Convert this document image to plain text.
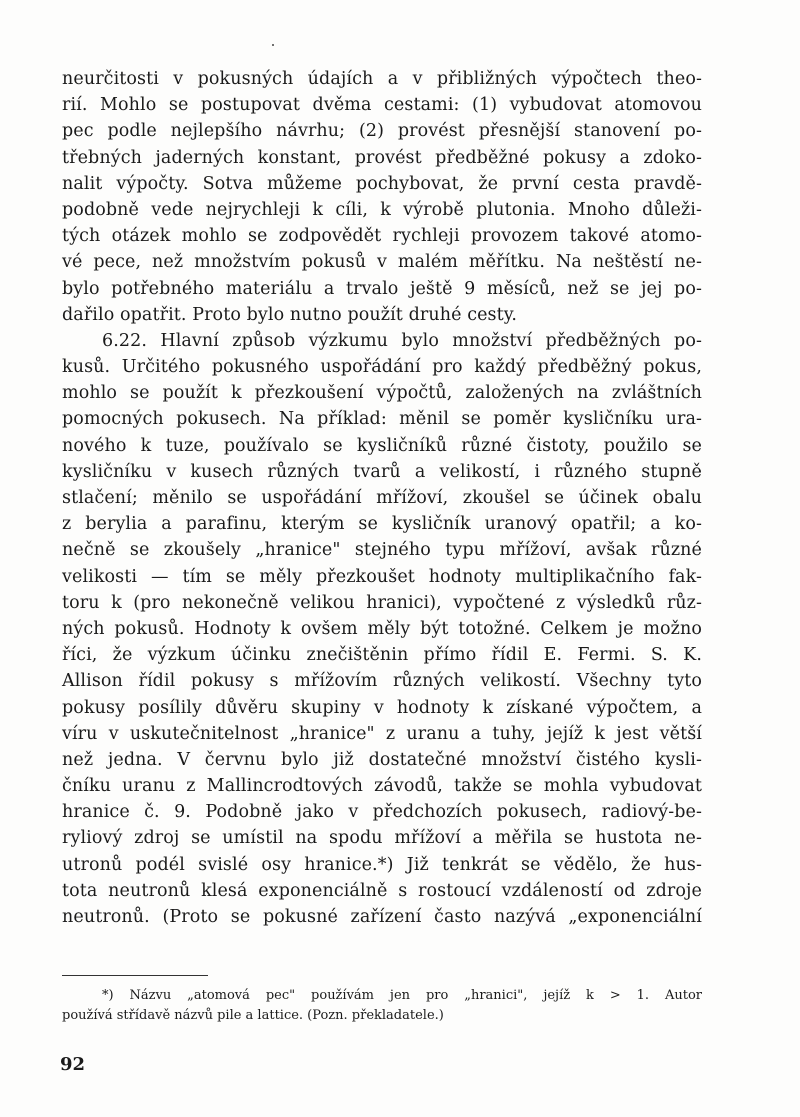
neurčitosti v pokusných údajích a v přibližných výpočtech theo-
rií. Mohlo se postupovat dvěma cestami: (1) vybudovat atomovou
pec podle nejlepšího návrhu; (2) provést přesnější stanovení po-
třebných jaderných konstant, provést předběžné pokusy a zdoko-
nalit výpočty. Sotva můžeme pochybovat, že první cesta pravdě-
podobně vede nejrychleji k cíli, k výrobě plutonia. Mnoho důleži-
tých otázek mohlo se zodpovědět rychleji provozem takové atomo-
vé pece, než množstvím pokusů v malém měřítku. Na neštěstí ne-
bylo potřebného materiálu a trvalo ještě 9 měsíců, než se jej po-
dařilo opatřit. Proto bylo nutno použít druhé cesty.
6.22. Hlavní způsob výzkumu bylo množství předběžných po-
kusů. Určitého pokusného uspořádání pro každý předběžný pokus,
mohlo se použít k přezkoušení výpočtů, založených na zvláštních
pomocných pokusech. Na příklad: měnil se poměr kysličníku ura-
nového k tuze, používalo se kysličníků různé čistoty, použilo se
kysličníku v kusech různých tvarů a velikostí, i různého stupně
stlačení; měnilo se uspořádání mřížoví, zkoušel se účinek obalu
z berylia a parafinu, kterým se kysličník uranový opatřil; a ko-
nečně se zkoušely „hranice" stejného typu mřížoví, avšak různé
velikosti — tím se měly přezkoušet hodnoty multiplikačního fak-
toru k (pro nekonečně velikou hranici), vypočtené z výsledků růz-
ných pokusů. Hodnoty k ovšem měly být totožné. Celkem je možno
říci, že výzkum účinku znečištěnin přímo řídil E. Fermi. S. K.
Allison řídil pokusy s mřížovím různých velikostí. Všechny tyto
pokusy posílily důvěru skupiny v hodnoty k získané výpočtem, a
víru v uskutečnitelnost „hranice" z uranu a tuhy, jejíž k jest větší
než jedna. V červnu bylo již dostatečné množství čistého kysli-
čníku uranu z Mallincrodtových závodů, takže se mohla vybudovat
hranice č. 9. Podobně jako v předchozích pokusech, radiový-be-
ryliový zdroj se umístil na spodu mřížoví a měřila se hustota ne-
utronů podél svislé osy hranice.*) Již tenkrát se vědělo, že hus-
tota neutronů klesá exponenciálně s rostoucí vzdáleností od zdroje
neutronů. (Proto se pokusné zařízení často nazývá „exponenciální
*) Názvu „atomová pec" používám jen pro „hranici", jejíž k > 1. Autor
používá střídavě názvů pile a lattice. (Pozn. překladatele.)
92
